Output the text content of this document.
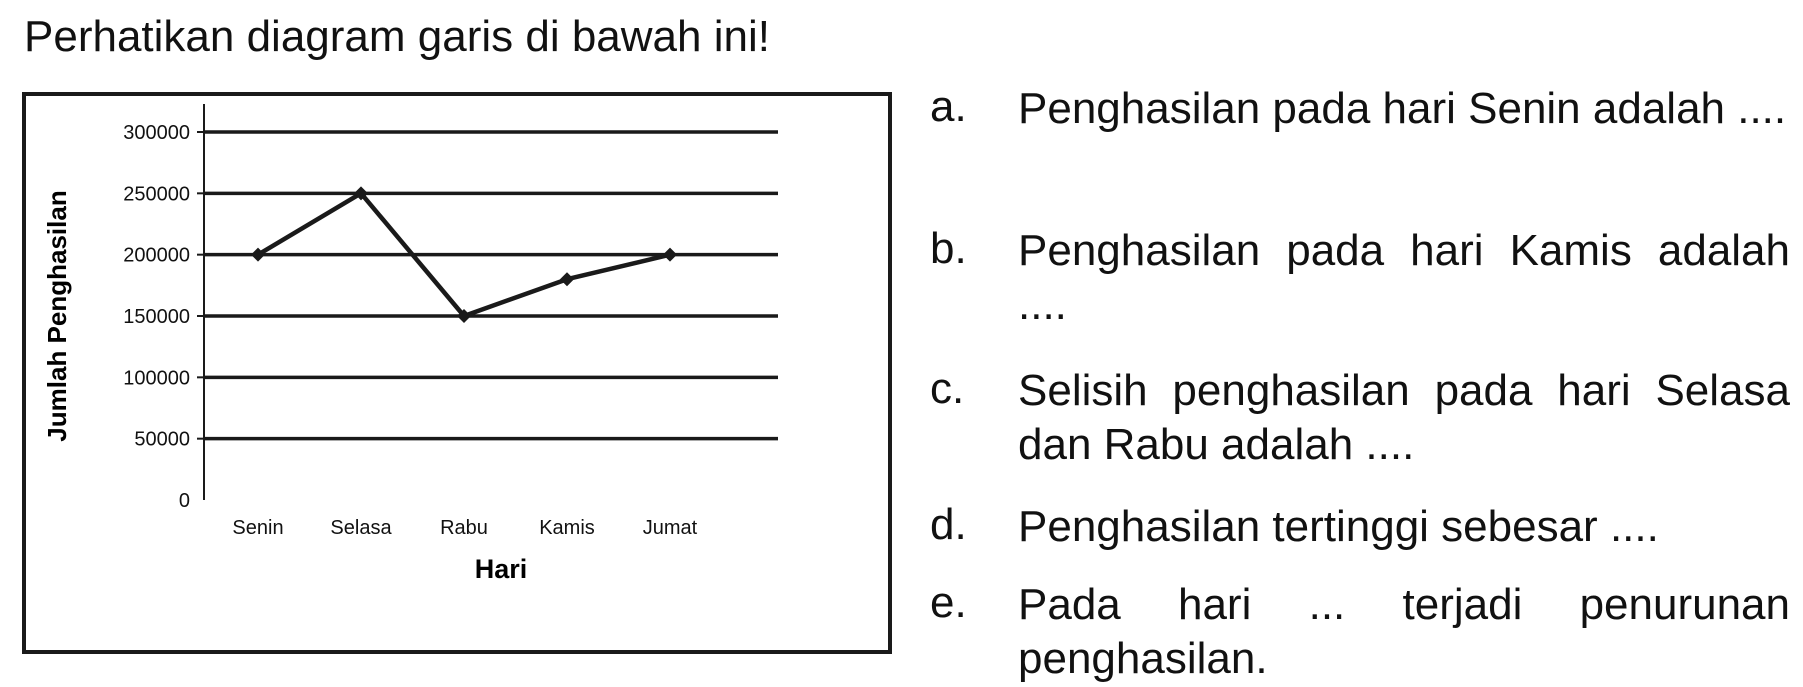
Perhatikan diagram garis di bawah ini!
0
50000
100000
150000
200000
250000
300000
Senin Selasa Rabu	Kamis Jumat
Hari
Jumlah Penghasilan
a. Penghasilan pada hari Senin adalah ....
b. Penghasilan pada hari Kamis adalah ....
c. Selisih penghasilan pada hari Selasa dan Rabu adalah ....
d. Penghasilan tertinggi sebesar ....
e. Pada hari ... terjadi penurunan penghasilan.
